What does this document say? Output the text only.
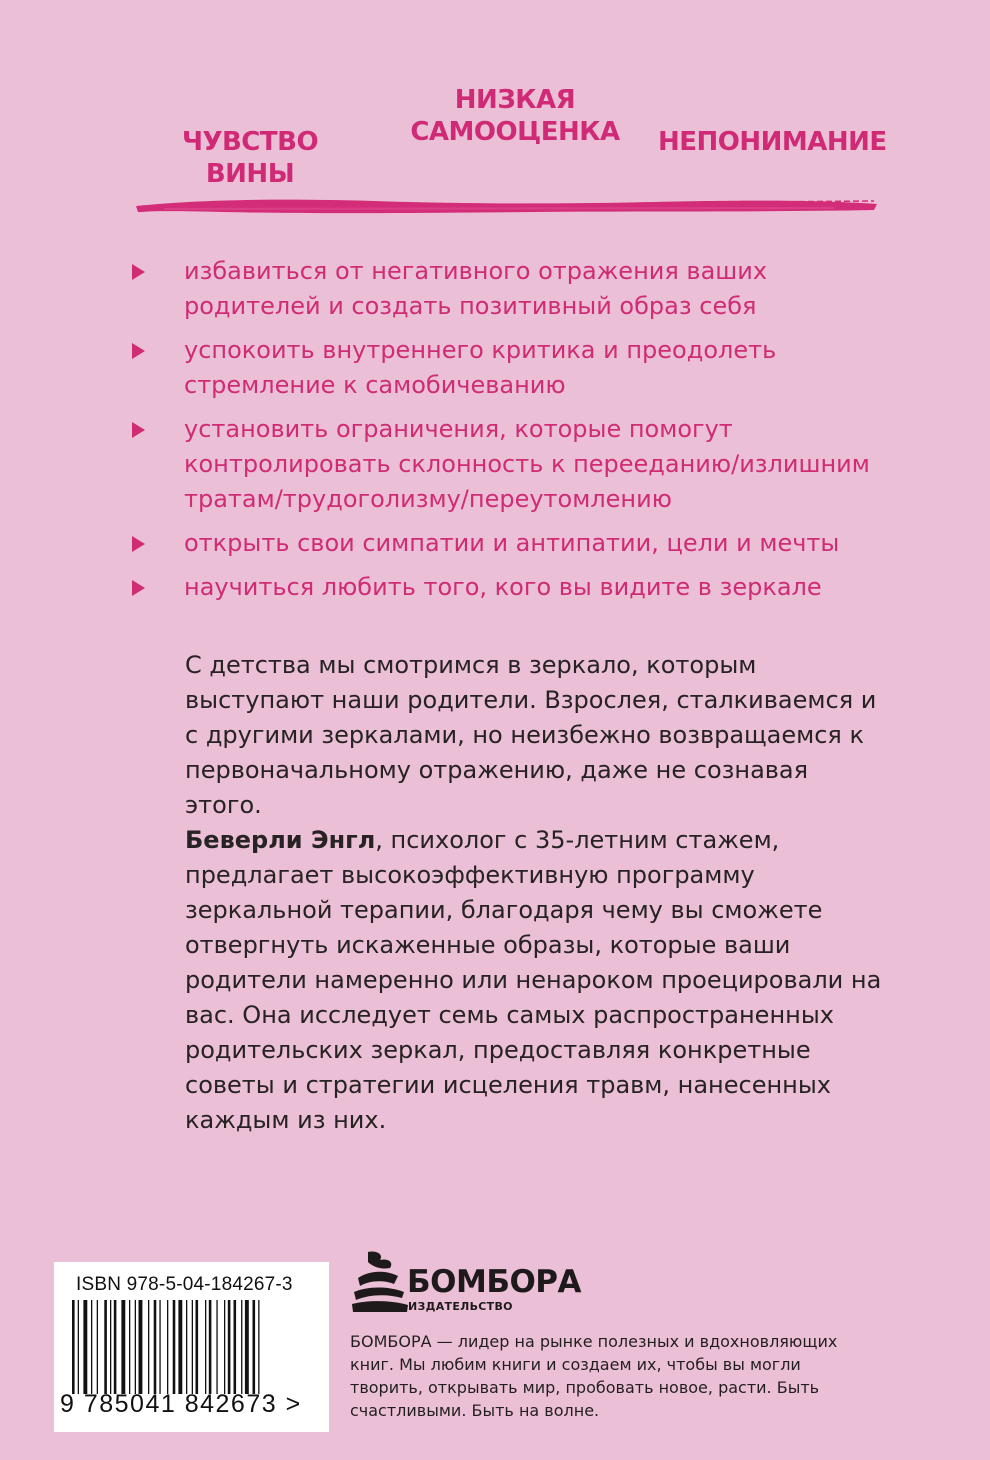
ЧУВСТВО ВИНЫ
НИЗКАЯ САМООЦЕНКА НЕПОНИМАНИЕ
избавиться от негативного отражения ваших родителей и создать позитивный образ себя
успокоить внутреннего критика и преодолеть стремление к самобичеванию
установить ограничения, которые помогут контролировать склонность к перееданию/излишним тратам/трудоголизму/переутомлению
открыть свои симпатии и антипатии, цели и мечты
научиться любить того, кого вы видите в зеркале

С детства мы смотримся в зеркало, которым выступают наши родители. Взрослея, сталкиваемся и с другими зеркалами, но неизбежно возвращаемся к первоначальному отражению, даже не сознавая этого.

Беверли Энгл, психолог с 35-летним стажем, предлагает высокоэффективную программу зеркальной терапии, благодаря чему вы сможете отвергнуть искаженные образы, которые ваши родители намеренно или ненароком проецировали на вас. Она исследует семь самых распространенных родительских зеркал, предоставляя конкретные советы и стратегии исцеления травм, нанесенных каждым из них.

ISBN 978-5-04-184267-3
9 785041 842673 >
БОМБОРА
ИЗДАТЕЛЬСТВО
БОМБОРА — лидер на рынке полезных и вдохновляющих книг. Мы любим книги и создаем их, чтобы вы могли творить, открывать мир, пробовать новое, расти. Быть счастливыми. Быть на волне.
